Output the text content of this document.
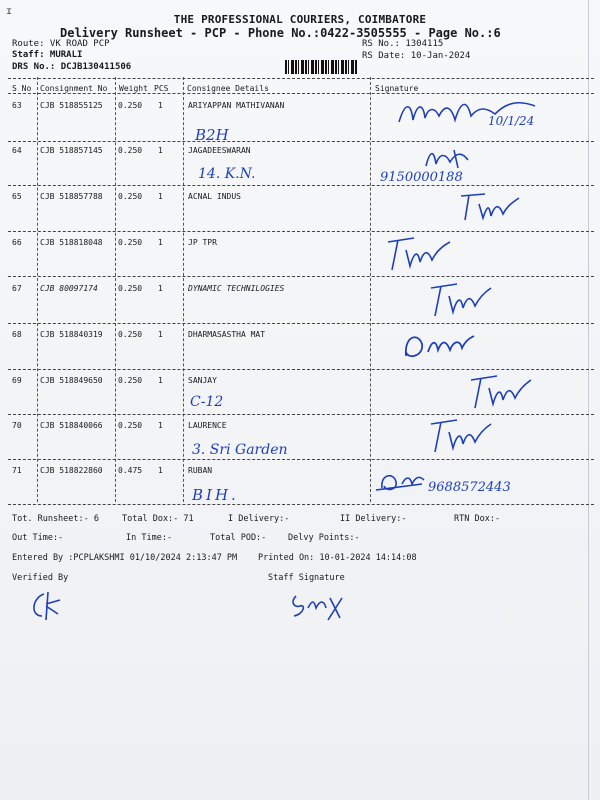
ɪ
THE PROFESSIONAL COURIERS, COIMBATORE
Delivery Runsheet - PCP - Phone No.:0422-3505555 - Page No.:6
Route: VK ROAD PCP
Staff: MURALI
DRS No.: DCJB130411506
RS No.: 1304115
RS Date: 10-Jan-2024
S No Consignment No Weight PCS Consignee Details	Signature
63 CJB 518855125 0.250 1	ARIYAPPAN MATHIVANAN
B2H
10/1/24
64 CJB 518857145 0.250 1	JAGADEESWARAN
14. K.N.	9150000188
65 CJB 518857788 0.250 1	ACNAL INDUS
66 CJB 518818048 0.250 1	JP TPR
67 CJB 80097174	0.250 1	DYNAMIC TECHNILOGIES
68 CJB 518840319 0.250 1	DHARMASASTHA MAT
69 CJB 518849650 0.250 1	SANJAY
C-12
70 CJB 518840066 0.250 1	LAURENCE
3. Sri Garden
71 CJB 518822860 0.475 1	RUBAN
BIH.	9688572443
Tot. Runsheet:- 6	Total Dox:- 71	I Delivery:-	II Delivery:-	RTN Dox:-
Out Time:-	In Time:-	Total POD:-	Delvy Points:-
Entered By :PCPLAKSHMI 01/10/2024 2:13:47 PM Printed On: 10-01-2024 14:14:08
Verified By	Staff Signature
